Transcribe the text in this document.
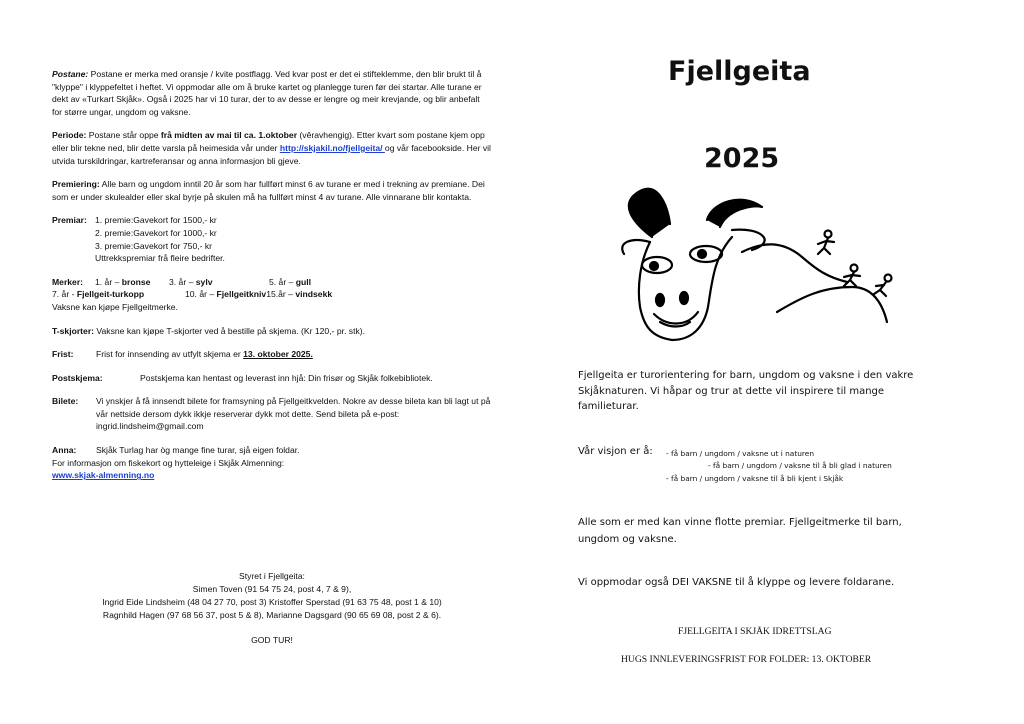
Postane: Postane er merka med oransje / kvite postflagg. Ved kvar post er det ei stifteklemme, den blir brukt til å "klyppe" i klyppefeltet i heftet. Vi oppmodar alle om å bruke kartet og planlegge turen før dei startar. Alle turane er dekt av «Turkart Skjåk». Også i 2025 har vi 10 turar, der to av desse er lengre og meir krevjande, og blir anbefalt for større ungar, ungdom og vaksne.

Periode: Postane står oppe frå midten av mai til ca. 1.oktober (vêravhengig). Etter kvart som postane kjem opp eller blir tekne ned, blir dette varsla på heimesida vår under http://skjakil.no/fjellgeita/ og vår facebookside. Her vil utvida turskildringar, kartreferansar og anna informasjon bli gjeve.

Premiering: Alle barn og ungdom inntil 20 år som har fullført minst 6 av turane er med i trekning av premiane. Dei som er under skulealder eller skal byrje på skulen må ha fullført minst 4 av turane. Alle vinnarane blir kontakta.

Premiar: 1. premie:Gavekort for 1500,- kr
2. premie:Gavekort for 1000,- kr
3. premie:Gavekort for 750,- kr
Uttrekkspremiar frå fleire bedrifter.
Merker:	1. år – bronse	3. år – sylv	5. år – gull
7. år - Fjellgeit-turkopp	10. år – Fjellgeitkniv 15.år – vindsekk
Vaksne kan kjøpe Fjellgeitmerke.

T-skjorter: Vaksne kan kjøpe T-skjorter ved å bestille på skjema. (Kr 120,- pr. stk).

Frist:	Frist for innsending av utfylt skjema er 13. oktober 2025.
Postskjema:	Postskjema kan hentast og leverast inn hjå: Din frisør og Skjåk folkebibliotek.
Bilete:	Vi ynskjer å få innsendt bilete for framsyning på Fjellgeitkvelden. Nokre av desse bileta kan bli lagt ut på vår nettside dersom dykk ikkje reserverar dykk mot dette. Send bileta på e-post: ingrid.lindsheim@gmail.com
Anna:	Skjåk Turlag har òg mange fine turar, sjå eigen foldar.
For informasjon om fiskekort og hytteleige i Skjåk Almenning:
www.skjak-almenning.no
Styret i Fjellgeita:
Simen Toven (91 54 75 24, post 4, 7 & 9),
Ingrid Eide Lindsheim (48 04 27 70, post 3) Kristoffer Sperstad (91 63 75 48, post 1 & 10)
Ragnhild Hagen (97 68 56 37, post 5 & 8), Marianne Dagsgard (90 65 69 08, post 2 & 6).
GOD TUR!
Fjellgeita
2025
Fjellgeita er turorientering for barn, ungdom og vaksne i den vakre Skjåknaturen. Vi håpar og trur at dette vil inspirere til mange familieturar.
Vår visjon er å: - få barn / ungdom / vaksne ut i naturen
- få barn / ungdom / vaksne til å bli glad i naturen
- få barn / ungdom / vaksne til å bli kjent i Skjåk
Alle som er med kan vinne flotte premiar. Fjellgeitmerke til barn, ungdom og vaksne.
Vi oppmodar også DEI VAKSNE til å klyppe og levere foldarane.
FJELLGEITA I SKJÅK IDRETTSLAG
HUGS INNLEVERINGSFRIST FOR FOLDER: 13. OKTOBER
